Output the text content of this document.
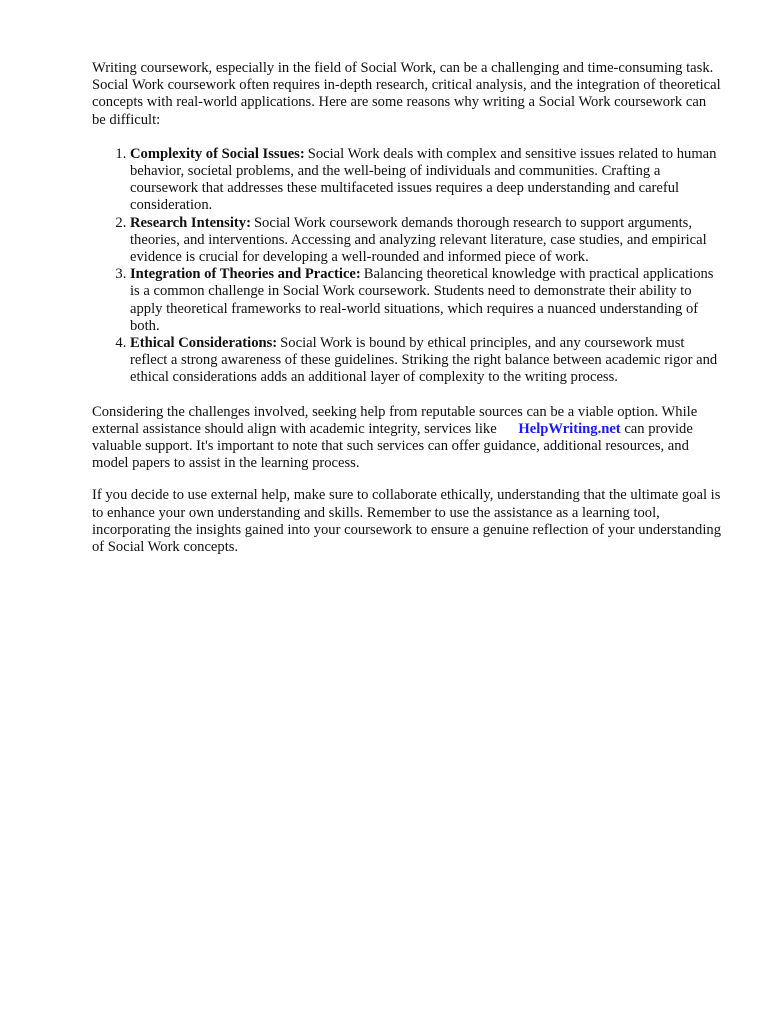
Writing coursework, especially in the field of Social Work, can be a challenging and time-consuming task. Social Work coursework often requires in-depth research, critical analysis, and the integration of theoretical concepts with real-world applications. Here are some reasons why writing a Social Work coursework can be difficult:

1. Complexity of Social Issues: Social Work deals with complex and sensitive issues related to human behavior, societal problems, and the well-being of individuals and communities. Crafting a coursework that addresses these multifaceted issues requires a deep understanding and careful consideration.
2. Research Intensity: Social Work coursework demands thorough research to support arguments, theories, and interventions. Accessing and analyzing relevant literature, case studies, and empirical evidence is crucial for developing a well-rounded and informed piece of work.
3. Integration of Theories and Practice: Balancing theoretical knowledge with practical applications is a common challenge in Social Work coursework. Students need to demonstrate their ability to apply theoretical frameworks to real-world situations, which requires a nuanced understanding of both.
4. Ethical Considerations: Social Work is bound by ethical principles, and any coursework must reflect a strong awareness of these guidelines. Striking the right balance between academic rigor and ethical considerations adds an additional layer of complexity to the writing process.

Considering the challenges involved, seeking help from reputable sources can be a viable option. While external assistance should align with academic integrity, services like HelpWriting.net can provide valuable support. It's important to note that such services can offer guidance, additional resources, and model papers to assist in the learning process.

If you decide to use external help, make sure to collaborate ethically, understanding that the ultimate goal is to enhance your own understanding and skills. Remember to use the assistance as a learning tool, incorporating the insights gained into your coursework to ensure a genuine reflection of your understanding of Social Work concepts.
